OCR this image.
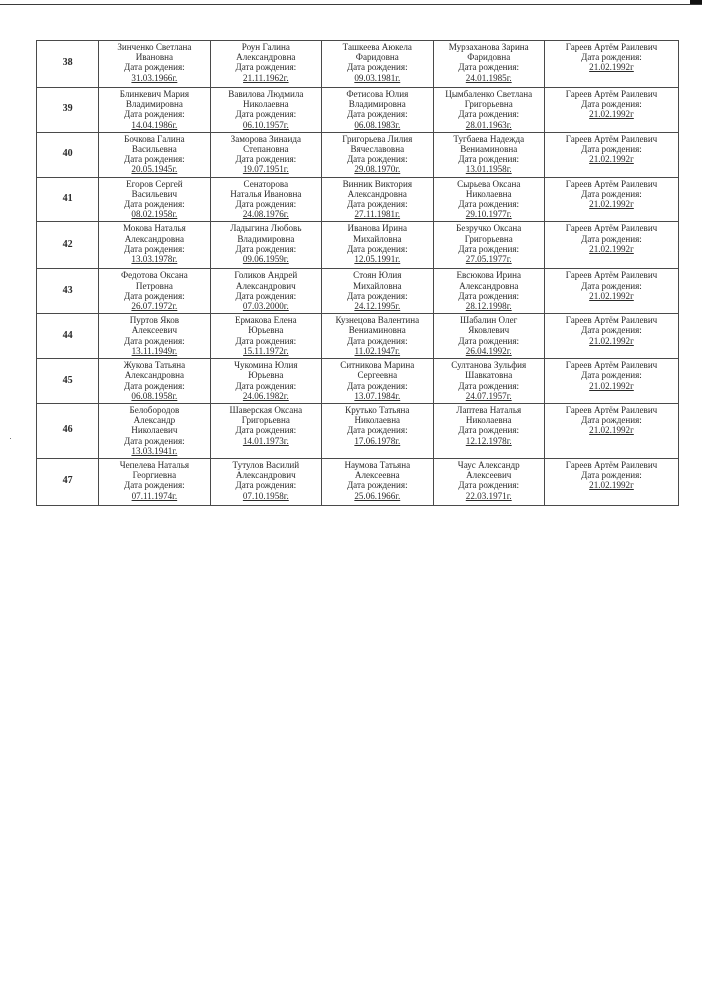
38	Зинченко Светлана
Ивановна
Дата рождения:
31.03.1966г.	Роун Галина
Александровна
Дата рождения:
21.11.1962г.	Ташкеева Аюкела
Фаридовна
Дата рождения:
09.03.1981г.	Мурзаханова Зарина
Фаридовна
Дата рождения:
24.01.1985г.	Гареев Артём Раилевич
Дата рождения:
21.02.1992г

39	Блинкевич Мария
Владимировна
Дата рождения:
14.04.1986г.	Вавилова Людмила
Николаевна
Дата рождения:
06.10.1957г.	Фетисова Юлия
Владимировна
Дата рождения:
06.08.1983г.	Цымбаленко Светлана
Григорьевна
Дата рождения:
28.01.1963г.	Гареев Артём Раилевич
Дата рождения:
21.02.1992г

40	Бочкова Галина
Васильевна
Дата рождения:
20.05.1945г.	Заморова Зинаида
Степановна
Дата рождения:
19.07.1951г.	Григорьева Лилия
Вячеславовна
Дата рождения:
29.08.1970г.	Тугбаева Надежда
Вениаминовна
Дата рождения:
13.01.1958г.	Гареев Артём Раилевич
Дата рождения:
21.02.1992г

41	Егоров Сергей
Васильевич
Дата рождения:
08.02.1958г.	Сенаторова
Наталья Ивановна
Дата рождения:
24.08.1976г.	Винник Виктория
Александровна
Дата рождения:
27.11.1981г.	Сырьева Оксана
Николаевна
Дата рождения:
29.10.1977г.	Гареев Артём Раилевич
Дата рождения:
21.02.1992г

42	Мокова Наталья
Александровна
Дата рождения:
13.03.1978г.	Ладыгина Любовь
Владимировна
Дата рождения:
09.06.1959г.	Иванова Ирина
Михайловна
Дата рождения:
12.05.1991г.	Безручко Оксана
Григорьевна
Дата рождения:
27.05.1977г.	Гареев Артём Раилевич
Дата рождения:
21.02.1992г

43	Федотова Оксана
Петровна
Дата рождения:
26.07.1972г.	Голиков Андрей
Александрович
Дата рождения:
07.03.2000г.	Стоян Юлия
Михайловна
Дата рождения:
24.12.1995г.	Евсюкова Ирина
Александровна
Дата рождения:
28.12.1998г.	Гареев Артём Раилевич
Дата рождения:
21.02.1992г

44	Пуртов Яков
Алексеевич
Дата рождения:
13.11.1949г.	Ермакова Елена
Юрьевна
Дата рождения:
15.11.1972г.	Кузнецова Валентина
Вениаминовна
Дата рождения:
11.02.1947г.	Шабалин Олег
Яковлевич
Дата рождения:
26.04.1992г.	Гареев Артём Раилевич
Дата рождения:
21.02.1992г

45	Жукова Татьяна
Александровна
Дата рождения:
06.08.1958г.	Чукомина Юлия
Юрьевна
Дата рождения:
24.06.1982г.	Ситникова Марина
Сергеевна
Дата рождения:
13.07.1984г.	Султанова Зульфия
Шавкатовна
Дата рождения:
24.07.1957г.	Гареев Артём Раилевич
Дата рождения:
21.02.1992г

46	Белобородов
Александр
Николаевич
Дата рождения:
13.03.1941г.	Шаверская Оксана
Григорьевна
Дата рождения:
14.01.1973г.	Крутько Татьяна
Николаевна
Дата рождения:
17.06.1978г.	Лаптева Наталья
Николаевна
Дата рождения:
12.12.1978г.	Гареев Артём Раилевич
Дата рождения:
21.02.1992г

47	Чепелева Наталья
Георгиевна
Дата рождения:
07.11.1974г.	Тутулов Василий
Александрович
Дата рождения:
07.10.1958г.	Наумова Татьяна
Алексеевна
Дата рождения:
25.06.1966г.	Чаус Александр
Алексеевич
Дата рождения:
22.03.1971г.	Гареев Артём Раилевич
Дата рождения:
21.02.1992г
